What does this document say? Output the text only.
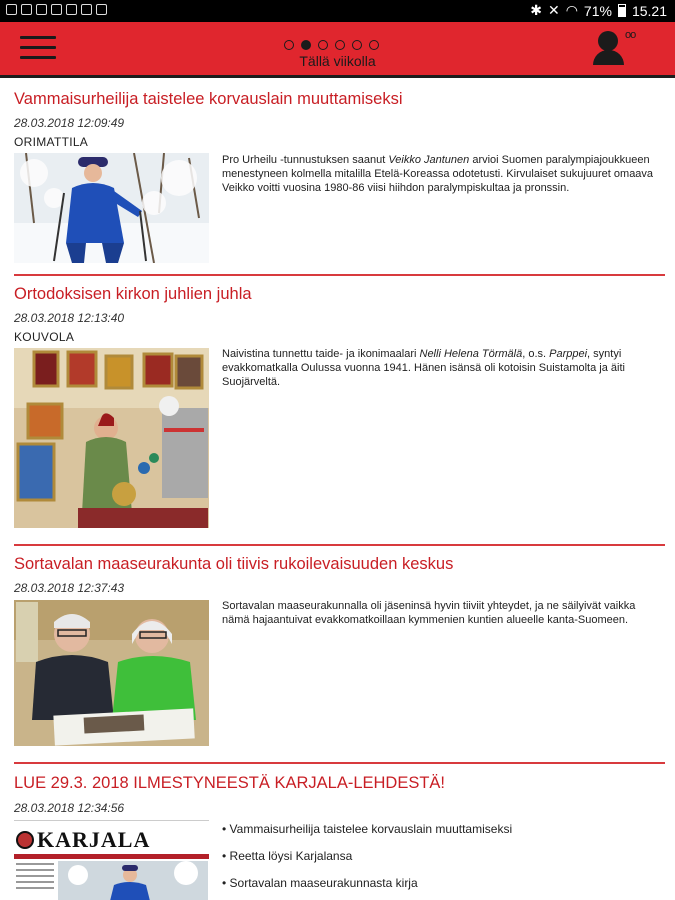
✱ ✕ ◠ 71% 15.21
Tällä viikolla
oo
Vammaisurheilija taistelee korvauslain muuttamiseksi
28.03.2018 12:09:49
ORIMATTILA
Pro Urheilu -tunnustuksen saanut Veikko Jantunen arvioi Suomen paralympiajoukkueen menestyneen kolmella mitalilla Etelä-Koreassa odotetusti. Kirvulaiset sukujuuret omaava Veikko voitti vuosina 1980-86 viisi hiihdon paralympiskultaa ja pronssin.
Ortodoksisen kirkon juhlien juhla
28.03.2018 12:13:40
KOUVOLA
Naivistina tunnettu taide- ja ikonimaalari Nelli Helena Törmälä, o.s. Parppei, syntyi evakkomatkalla Oulussa vuonna 1941. Hänen isänsä oli kotoisin Suistamolta ja äiti Suojärveltä.
Sortavalan maaseurakunta oli tiivis rukoilevaisuuden keskus
28.03.2018 12:37:43
Sortavalan maaseurakunnalla oli jäseninsä hyvin tiiviit yhteydet, ja ne säilyivät vaikka nämä hajaantuivat evakkomatkoillaan kymmenien kuntien alueelle kanta-Suomeen.
LUE 29.3. 2018 ILMESTYNEESTÄ KARJALA-LEHDESTÄ!
28.03.2018 12:34:56
KARJALA
•	Vammaisurheilija taistelee korvauslain muuttamiseksi
• Reetta löysi Karjalansa
• Sortavalan maaseurakunnasta kirja
